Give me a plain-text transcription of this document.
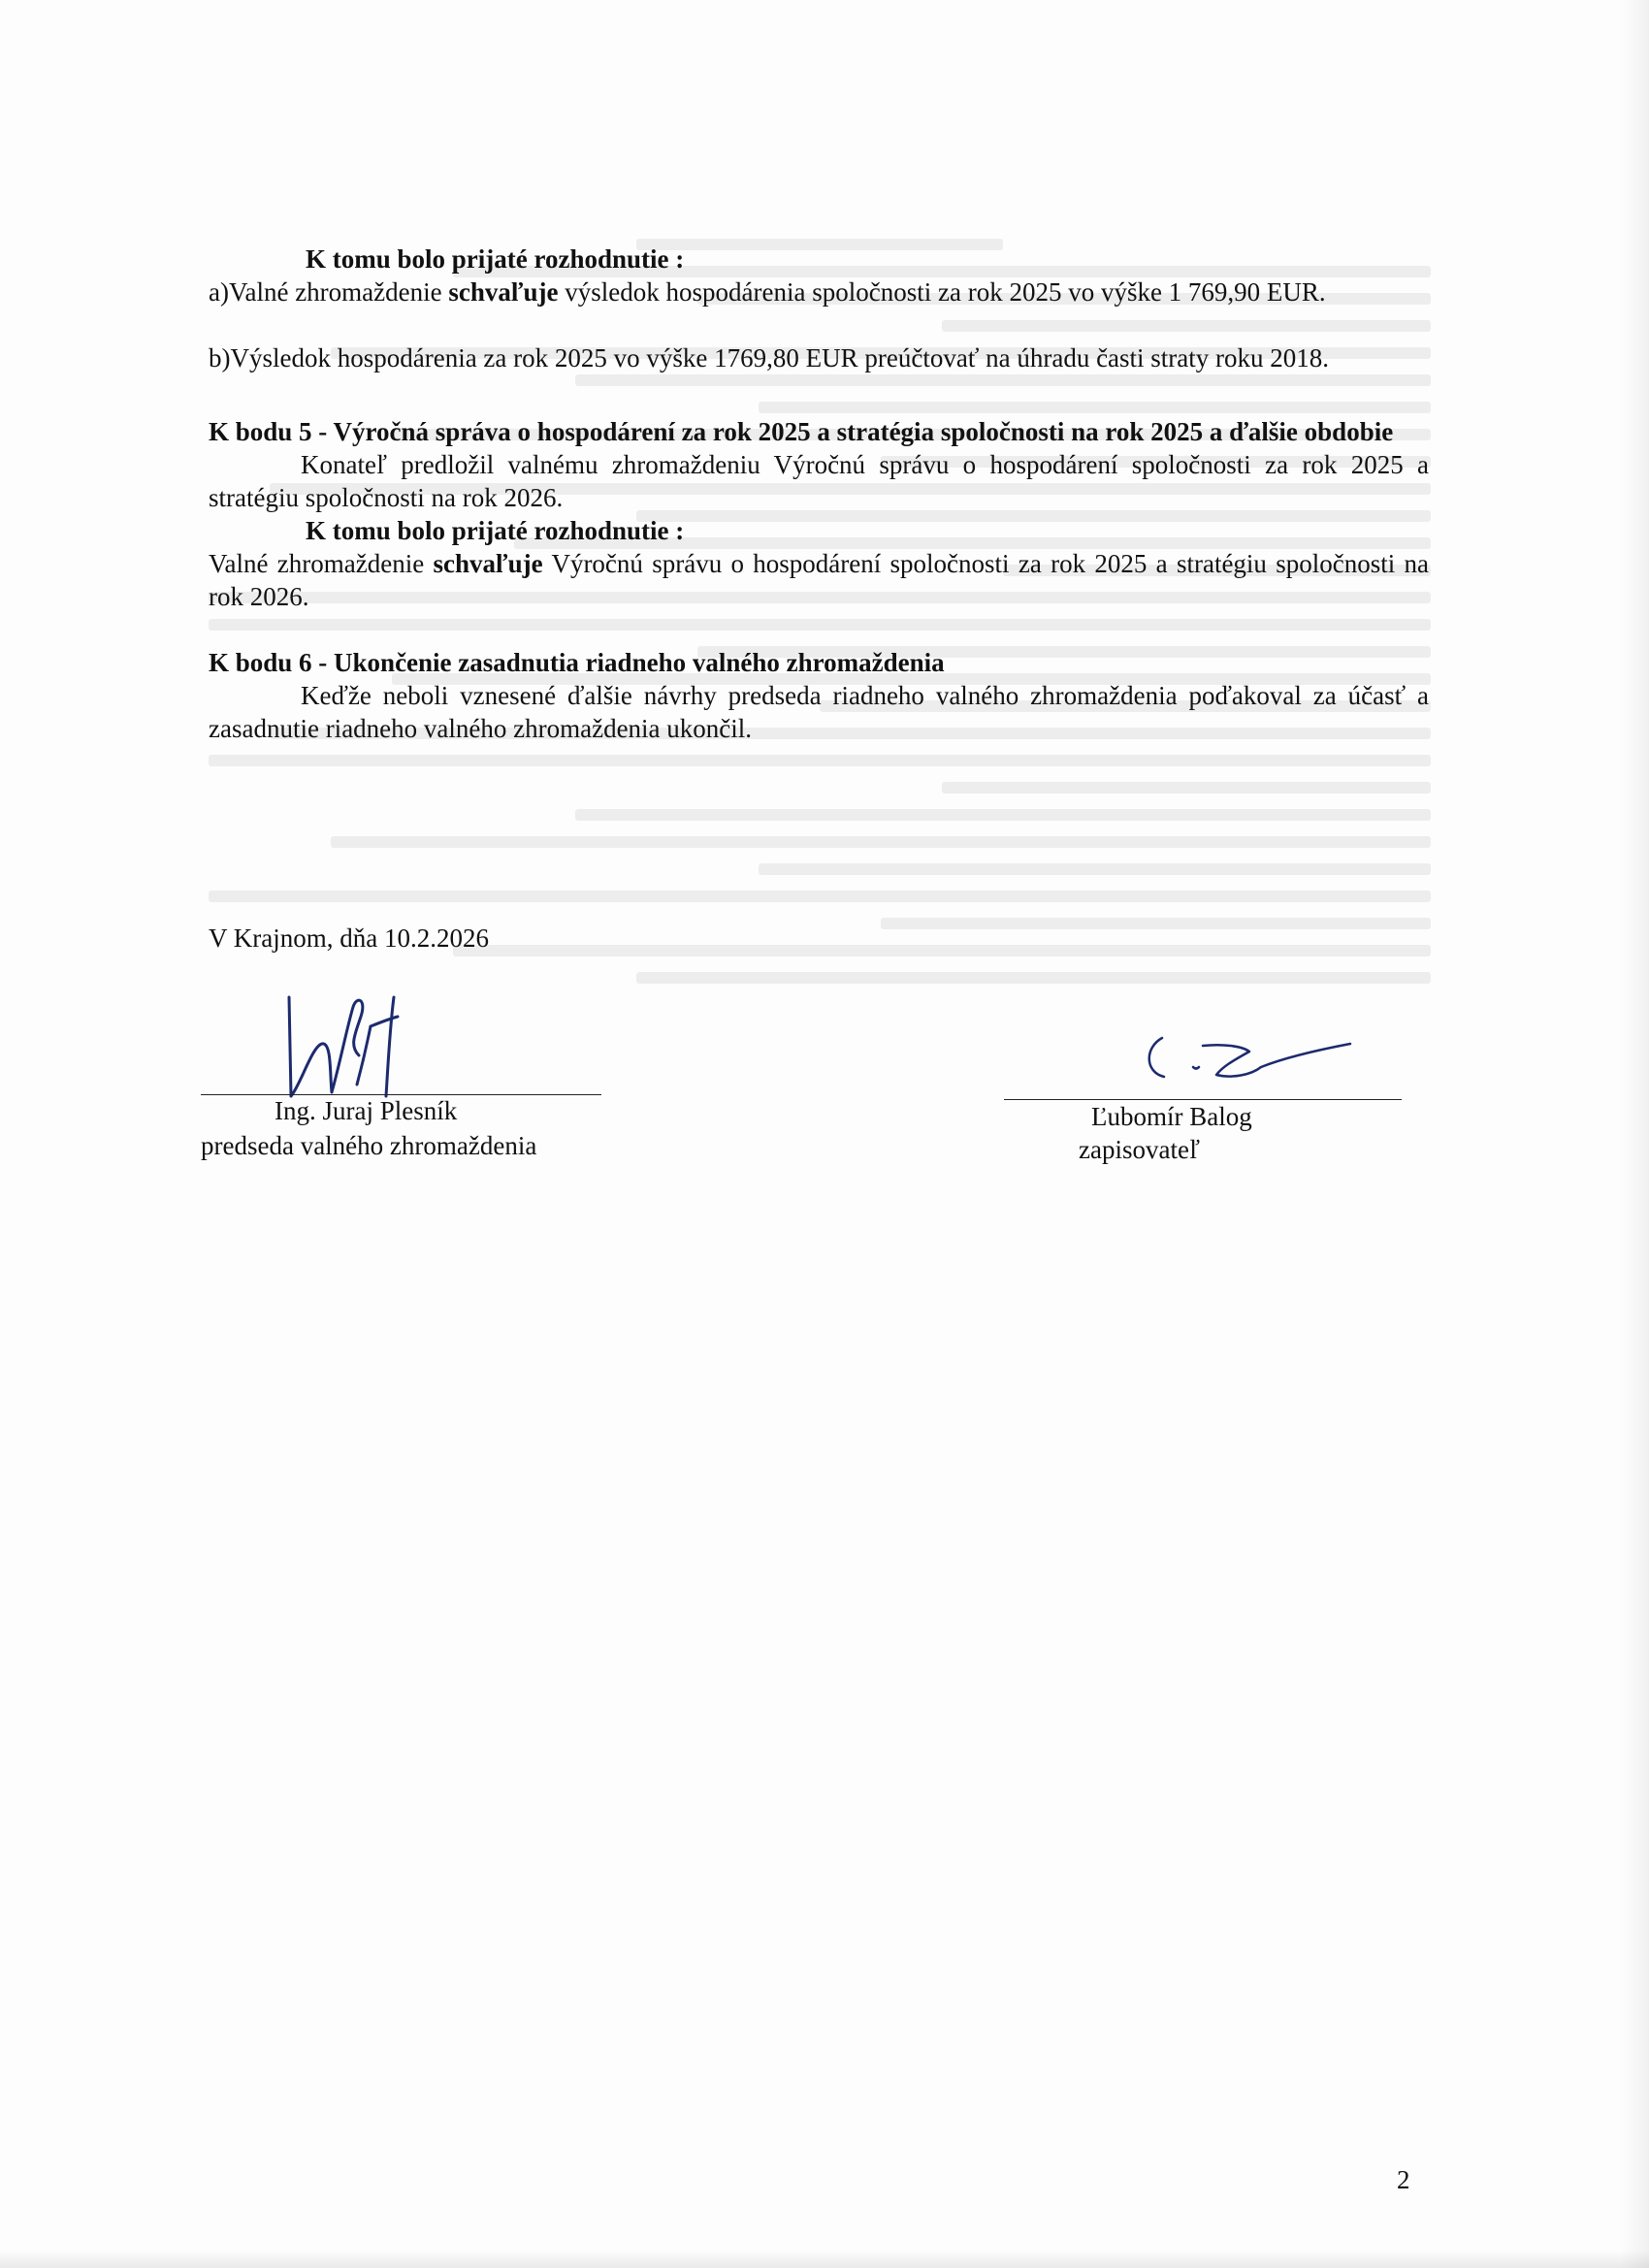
K tomu bolo prijaté rozhodnutie :

a)Valné zhromaždenie schvaľuje výsledok hospodárenia spoločnosti za rok 2025 vo výške 1 769,90 EUR.

b)Výsledok hospodárenia za rok 2025 vo výške 1769,80 EUR preúčtovať na úhradu časti straty roku 2018.

K bodu 5 - Výročná správa o hospodárení za rok 2025 a stratégia spoločnosti na rok 2025 a ďalšie obdobie

Konateľ predložil valnému zhromaždeniu Výročnú správu o hospodárení spoločnosti za rok 2025 a stratégiu spoločnosti na rok 2026.

K tomu bolo prijaté rozhodnutie :

Valné zhromaždenie schvaľuje Výročnú správu o hospodárení spoločnosti za rok 2025 a stratégiu spoločnosti na rok 2026.

K bodu 6 - Ukončenie zasadnutia riadneho valného zhromaždenia

Keďže neboli vznesené ďalšie návrhy predseda riadneho valného zhromaždenia poďakoval za účasť a zasadnutie riadneho valného zhromaždenia ukončil.

V Krajnom, dňa 10.2.2026
Ing. Juraj Plesník
predseda valného zhromaždenia
Ľubomír Balog
zapisovateľ
2
